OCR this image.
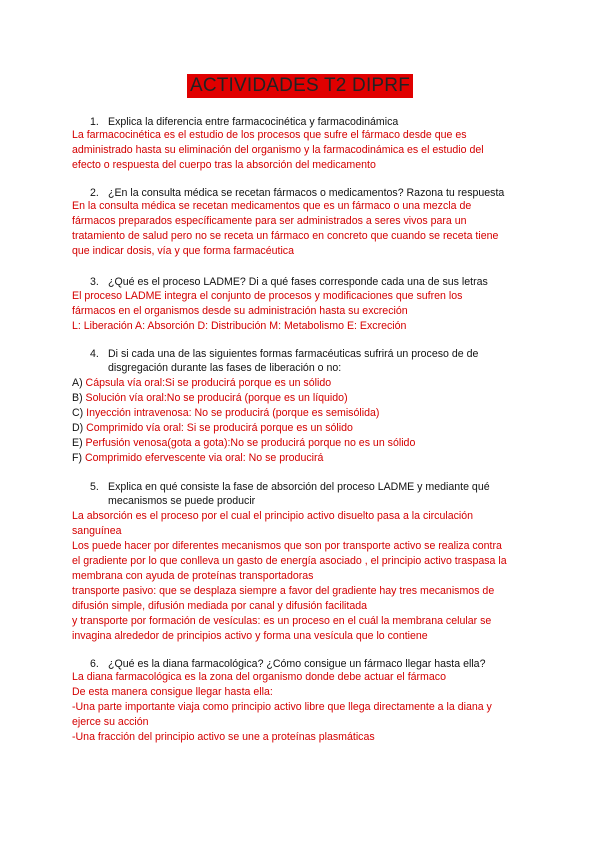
ACTIVIDADES T2 DIPRF
1. Explica la diferencia entre farmacocinética y farmacodinámica

La farmacocinética es el estudio de los procesos que sufre el fármaco desde que es

administrado hasta su eliminación del organismo y la farmacodinámica es el estudio del

efecto o respuesta del cuerpo tras la absorción del medicamento

2. ¿En la consulta médica se recetan fármacos o medicamentos? Razona tu respuesta

En la consulta médica se recetan medicamentos que es un fármaco o una mezcla de

fármacos preparados específicamente para ser administrados a seres vivos para un

tratamiento de salud pero no se receta un fármaco en concreto que cuando se receta tiene

que indicar dosis, vía y que forma farmacéutica

3. ¿Qué es el proceso LADME? Di a qué fases corresponde cada una de sus letras

El proceso LADME integra el conjunto de procesos y modificaciones que sufren los

fármacos en el organismos desde su administración hasta su excreción

L: Liberación A: Absorción D: Distribución M: Metabolismo E: Excreción

4. Di si cada una de las siguientes formas farmacéuticas sufrirá un proceso de de
disgregación durante las fases de liberación o no:

A) Cápsula vía oral:Si se producirá porque es un sólido

B) Solución vía oral:No se producirá (porque es un líquido)

C) Inyección intravenosa: No se producirá (porque es semisólida)

D) Comprimido vía oral: Si se producirá porque es un sólido

E) Perfusión venosa(gota a gota):No se producirá porque no es un sólido

F) Comprimido efervescente via oral: No se producirá

5. Explica en qué consiste la fase de absorción del proceso LADME y mediante qué
mecanismos se puede producir

La absorción es el proceso por el cual el principio activo disuelto pasa a la circulación

sanguínea

Los puede hacer por diferentes mecanismos que son por transporte activo se realiza contra

el gradiente por lo que conlleva un gasto de energía asociado , el principio activo traspasa la

membrana con ayuda de proteínas transportadoras

transporte pasivo: que se desplaza siempre a favor del gradiente hay tres mecanismos de

difusión simple, difusión mediada por canal y difusión facilitada

y transporte por formación de vesículas: es un proceso en el cuál la membrana celular se

invagina alrededor de principios activo y forma una vesícula que lo contiene

6. ¿Qué es la diana farmacológica? ¿Cómo consigue un fármaco llegar hasta ella?

La diana farmacológica es la zona del organismo donde debe actuar el fármaco

De esta manera consigue llegar hasta ella:

-Una parte importante viaja como principio activo libre que llega directamente a la diana y

ejerce su acción

-Una fracción del principio activo se une a proteínas plasmáticas
